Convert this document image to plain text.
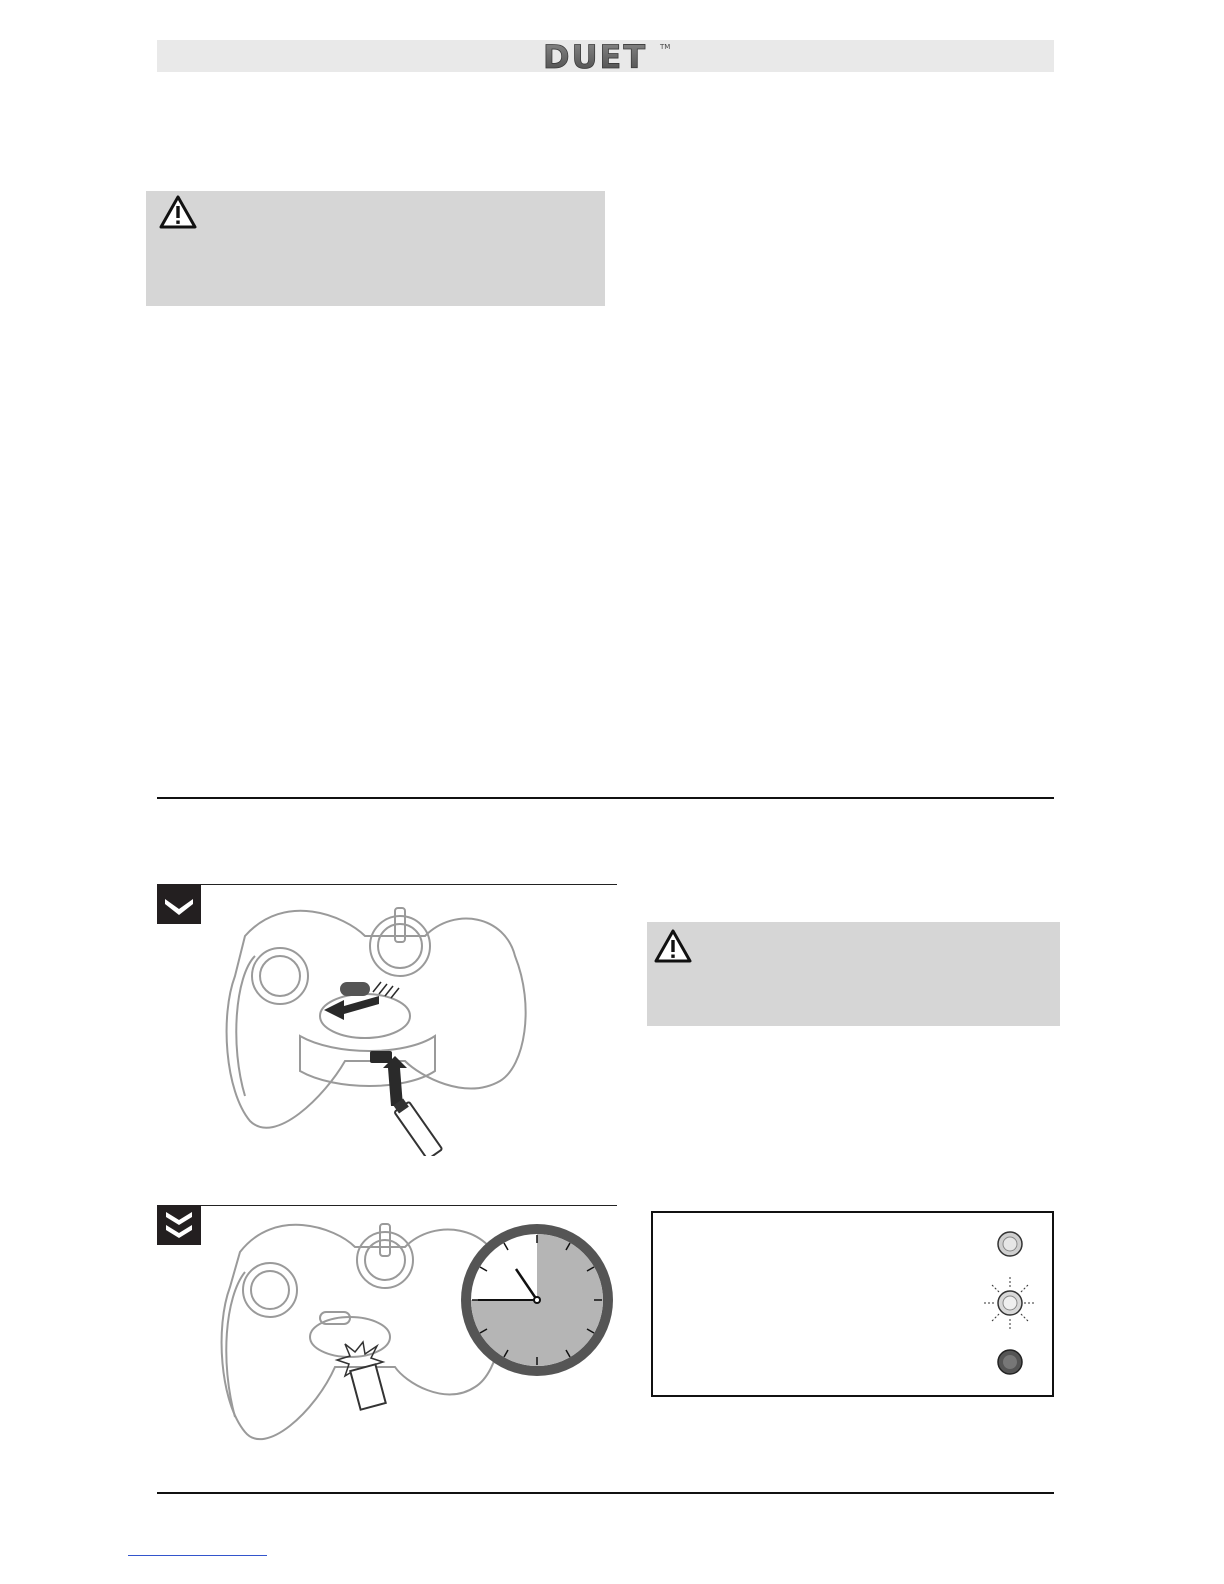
DUET TM
